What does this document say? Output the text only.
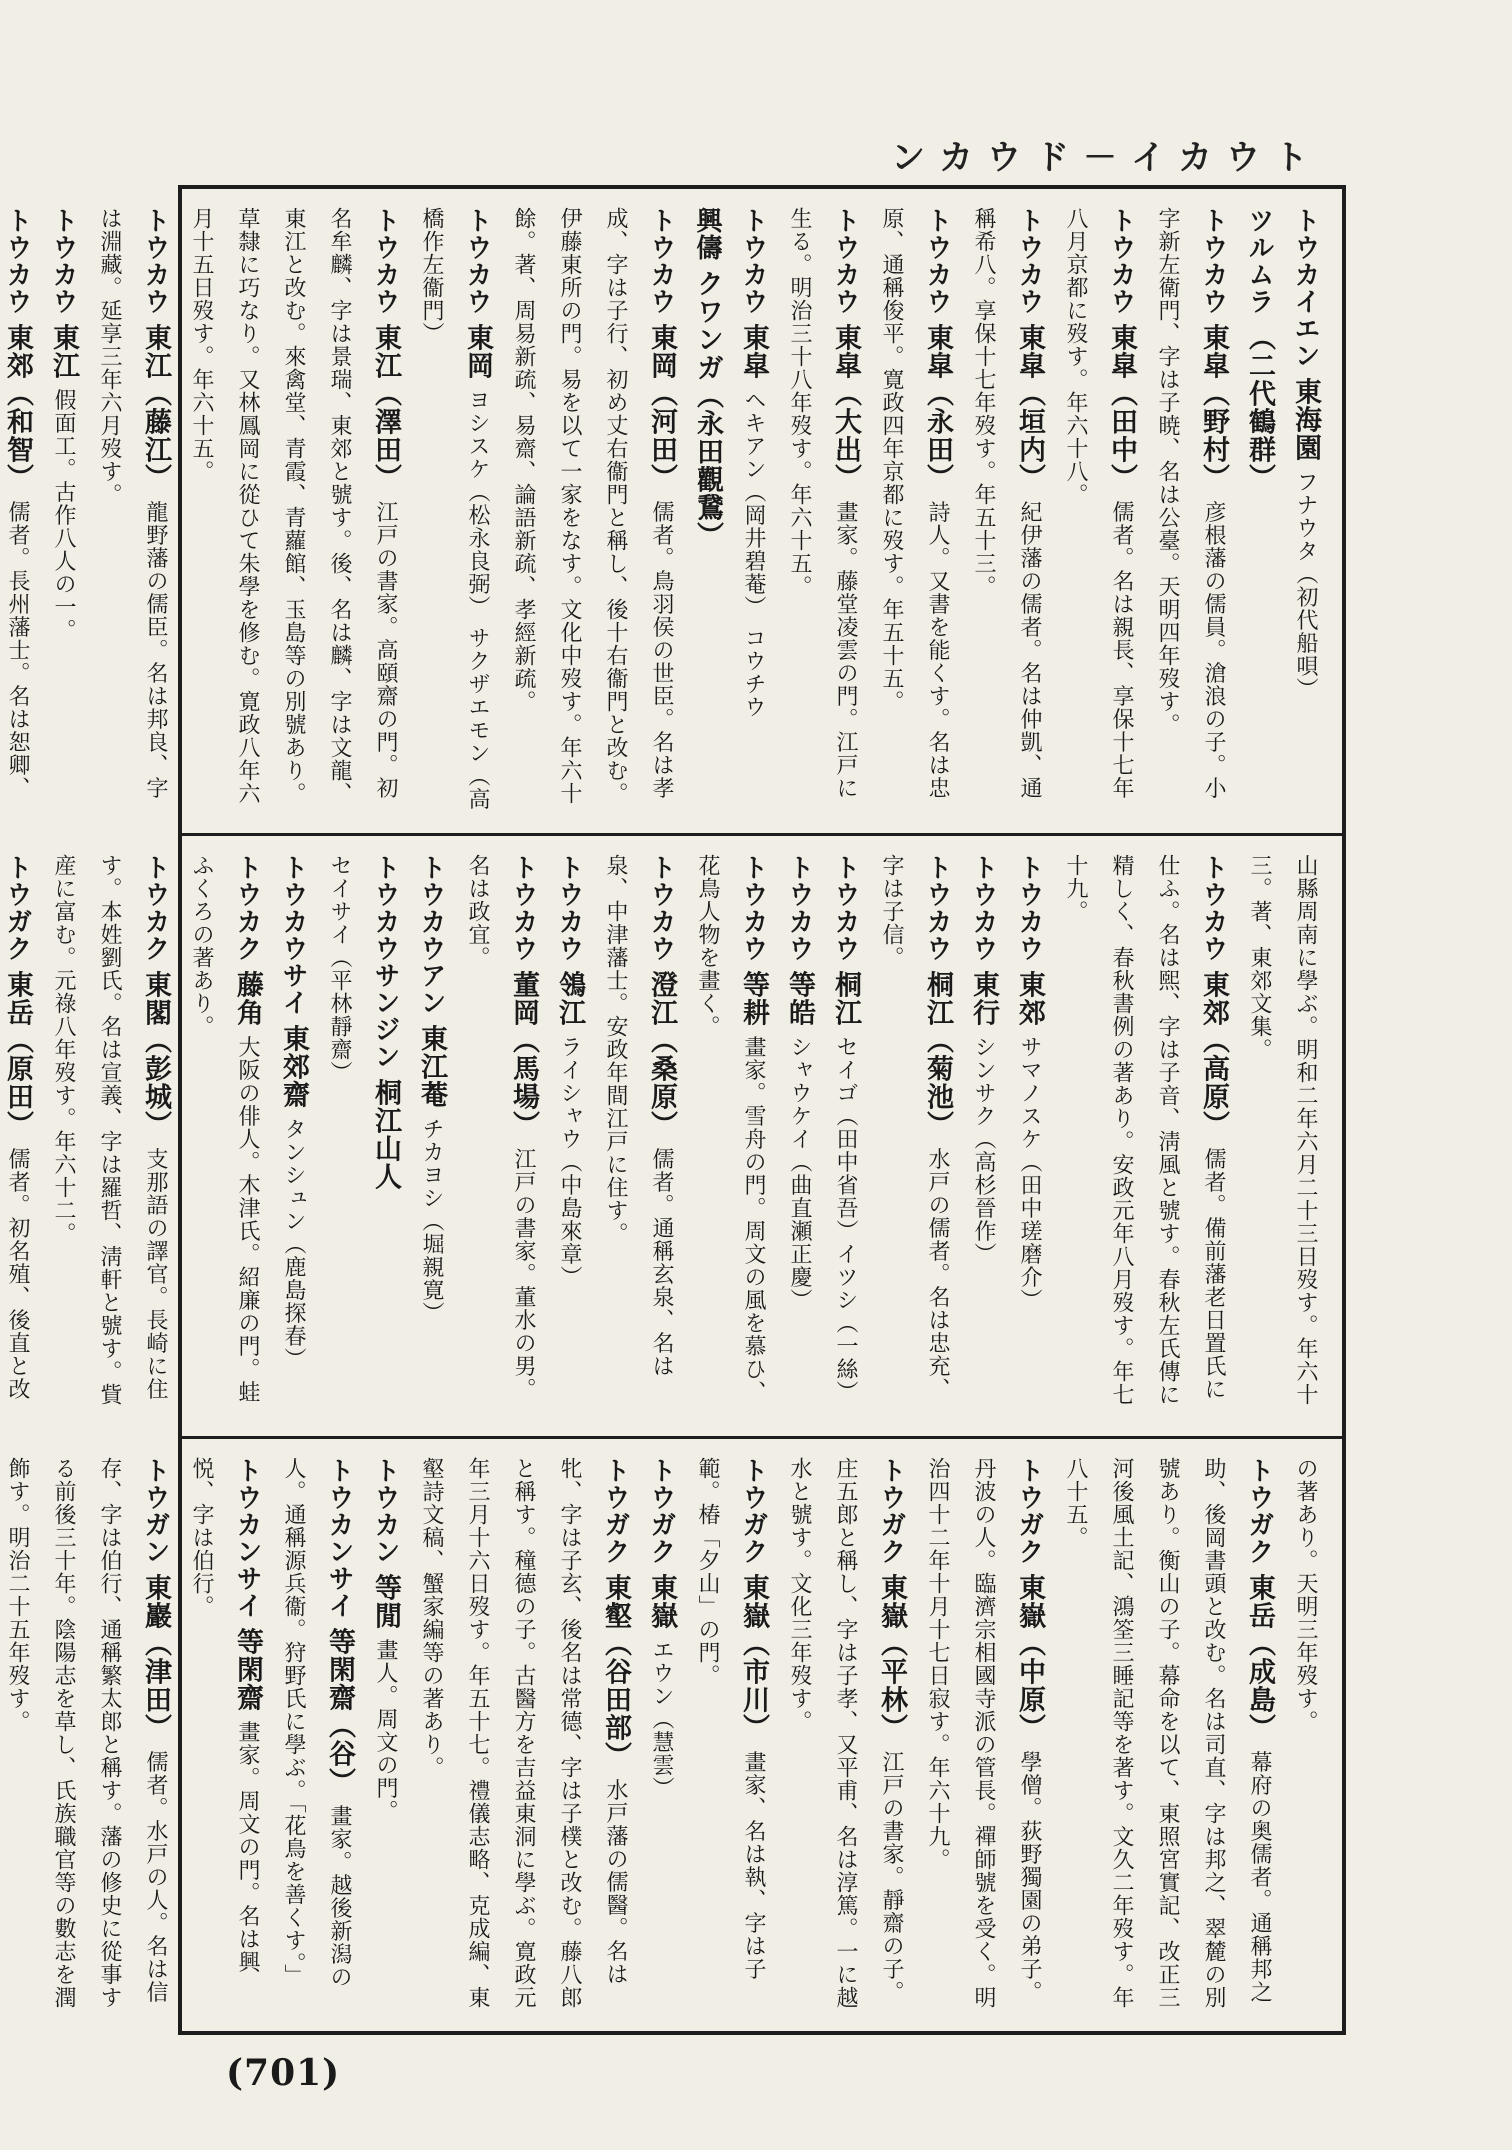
トウカイ－ドウカン

トウカイエン 東海園 フナウタ（初代船唄）

ツルムラ （二代鶴群）

トウカウ 東皐（野村） 彦根藩の儒員。滄浪の子。小字新左衛門、字は子暁、名は公臺。天明四年歿す。

トウカウ 東皐（田中） 儒者。名は親長、享保十七年八月京都に歿す。年六十八。

トウカウ 東皐（垣内） 紀伊藩の儒者。名は仲凱、通稱希八。享保十七年歿す。年五十三。

トウカウ 東皐（永田） 詩人。又書を能くす。名は忠原、通稱俊平。寛政四年京都に歿す。年五十五。

トウカウ 東皐（大出） 畫家。藤堂凌雲の門。江戸に生る。明治三十八年歿す。年六十五。

トウカウ 東皐 ヘキアン（岡井碧菴） コウチウ

興儔 クワンガ（永田觀鵞）

トウカウ 東岡（河田） 儒者。鳥羽侯の世臣。名は孝成、字は子行、初め丈右衞門と稱し、後十右衞門と改む。伊藤東所の門。易を以て一家をなす。文化中歿す。年六十餘。著、周易新疏、易齋、論語新疏、孝經新疏。

トウカウ 東岡 ヨシスケ（松永良弼） サクザエモン（高橋作左衞門）

トウカウ 東江（澤田） 江戸の書家。高頤齋の門。初名牟麟、字は景瑞、東郊と號す。後、名は麟、字は文龍、東江と改む。來禽堂、青霞、青蘿館、玉島等の別號あり。草隸に巧なり。又林鳳岡に從ひて朱學を修む。寛政八年六月十五日歿す。年六十五。

トウカウ 東江（藤江） 龍野藩の儒臣。名は邦良、字は淵藏。延享三年六月歿す。

トウカウ 東江 假面工。古作八人の一。

トウカウ 東郊（和智） 儒者。長州藩士。名は恕卿、

山縣周南に學ぶ。明和二年六月二十三日歿す。年六十三。著、東郊文集。

トウカウ 東郊（高原） 儒者。備前藩老日置氏に仕ふ。名は煕、字は子音、淸風と號す。春秋左氏傳に精しく、春秋書例の著あり。安政元年八月歿す。年七十九。

トウカウ 東郊 サマノスケ（田中瑳磨介）

トウカウ 東行 シンサク（高杉晉作）

トウカウ 桐江（菊池） 水戸の儒者。名は忠充、字は子信。

トウカウ 桐江 セイゴ（田中省吾）イツシ（一絲）

トウカウ 等皓 シャウケイ（曲直瀬正慶）

トウカウ 等耕 畫家。雪舟の門。周文の風を慕ひ、花鳥人物を畫く。

トウカウ 澄江（桑原） 儒者。通稱玄泉、名は泉、中津藩士。安政年間江戸に住す。

トウカウ 鴒江 ライシャウ（中島來章）

トウカウ 董岡（馬場） 江戸の書家。董水の男。名は政宜。

トウカウアン 東江菴 チカヨシ（堀親寛）

トウカウサンジン 桐江山人 セイサイ（平林靜齋）

トウカウサイ 東郊齋 タンシュン（鹿島探春）

トウカク 藤角 大阪の俳人。木津氏。紹廉の門。蛙ふくろの著あり。

トウカク 東閣（彭城） 支那語の譯官。長崎に住す。本姓劉氏。名は宣義、字は羅哲、淸軒と號す。貲産に富む。元祿八年歿す。年六十二。

トウガク 東岳（原田） 儒者。初名殖、後直と改

の著あり。天明三年歿す。

トウガク 東岳（成島） 幕府の奥儒者。通稱邦之助、後岡書頭と改む。名は司直、字は邦之、翠麓の別號あり。衡山の子。幕命を以て、東照宮實記、改正三河後風土記、鴻筌三睡記等を著す。文久二年歿す。年八十五。

トウガク 東嶽（中原） 學僧。荻野獨園の弟子。丹波の人。臨濟宗相國寺派の管長。禪師號を受く。明治四十二年十月十七日寂す。年六十九。

トウガク 東嶽（平林） 江戸の書家。靜齋の子。庄五郎と稱し、字は子孝、又平甫、名は淳篤。一に越水と號す。文化三年歿す。

トウガク 東嶽（市川） 畫家、名は執、字は子範。椿「夕山」の門。

トウガク 東嶽 エウン（慧雲）

トウガク 東壑（谷田部） 水戸藩の儒醫。名は牝、字は子玄、後名は常德、字は子樸と改む。藤八郎と稱す。穜德の子。古醫方を吉益東洞に學ぶ。寛政元年三月十六日歿す。年五十七。禮儀志略、克成編、東壑詩文稿、蟹家編等の著あり。

トウカン 等閒 畫人。周文の門。

トウカンサイ 等閑齋（谷） 畫家。越後新潟の人。通稱源兵衞。狩野氏に學ぶ。「花鳥を善くす。」

トウカンサイ 等閑齋 畫家。周文の門。名は興悦、字は伯行。

トウガン 東巖（津田） 儒者。水戸の人。名は信存、字は伯行、通稱繁太郎と稱す。藩の修史に從事する前後三十年。陰陽志を草し、氏族職官等の數志を潤飾す。明治二十五年歿す。

(701)
